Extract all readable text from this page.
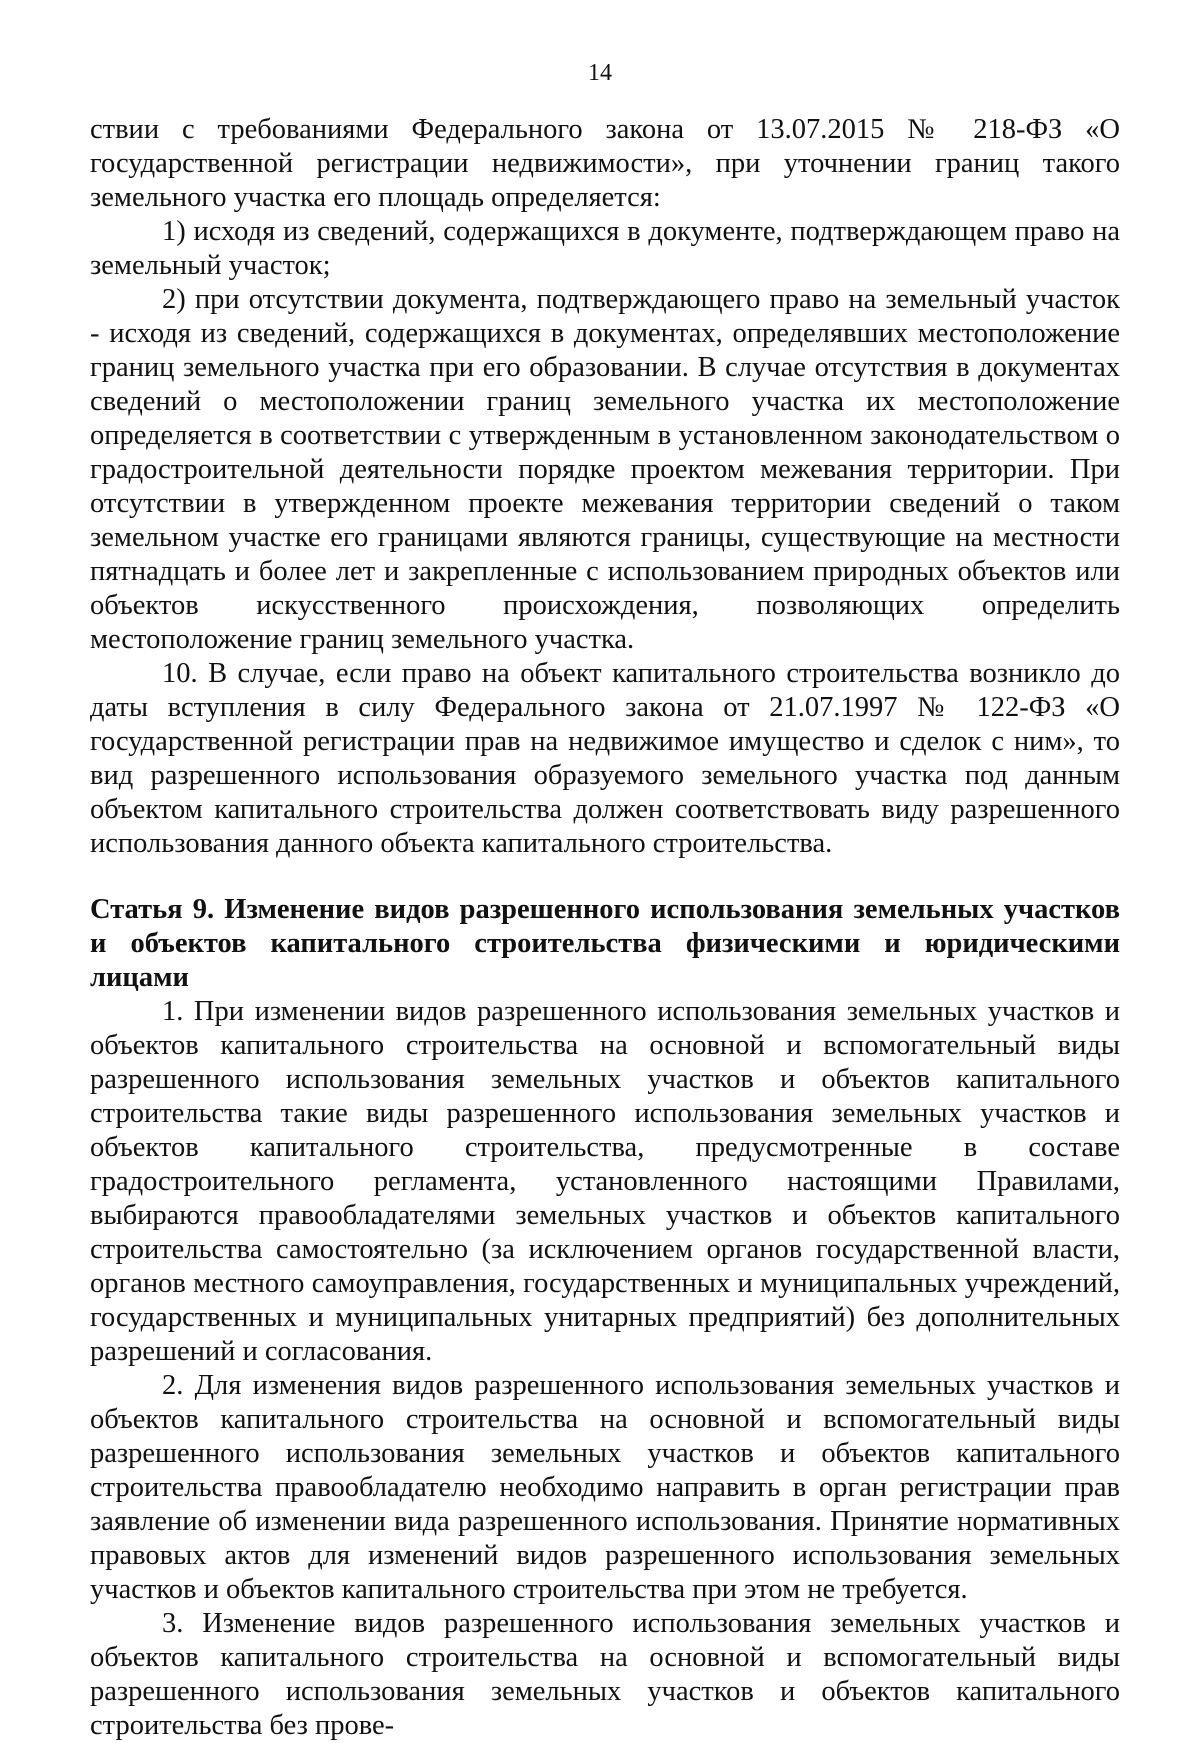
14

ствии с требованиями Федерального закона от 13.07.2015 № 218-ФЗ «О государственной регистрации недвижимости», при уточнении границ такого земельного участка его площадь определяется:

1) исходя из сведений, содержащихся в документе, подтверждающем право на земельный участок;

2) при отсутствии документа, подтверждающего право на земельный участок - исходя из сведений, содержащихся в документах, определявших местоположение границ земельного участка при его образовании. В случае отсутствия в документах сведений о местоположении границ земельного участка их местоположение определяется в соответствии с утвержденным в установленном законодательством о градостроительной деятельности порядке проектом межевания территории. При отсутствии в утвержденном проекте межевания территории сведений о таком земельном участке его границами являются границы, существующие на местности пятнадцать и более лет и закрепленные с использованием природных объектов или объектов искусственного происхождения, позволяющих определить местоположение границ земельного участка.

10. В случае, если право на объект капитального строительства возникло до даты вступления в силу Федерального закона от 21.07.1997 № 122-ФЗ «О государственной регистрации прав на недвижимое имущество и сделок с ним», то вид разрешенного использования образуемого земельного участка под данным объектом капитального строительства должен соответствовать виду разрешенного использования данного объекта капитального строительства.

Статья 9. Изменение видов разрешенного использования земельных участков и объектов капитального строительства физическими и юридическими лицами

1. При изменении видов разрешенного использования земельных участков и объектов капитального строительства на основной и вспомогательный виды разрешенного использования земельных участков и объектов капитального строительства такие виды разрешенного использования земельных участков и объектов капитального строительства, предусмотренные в составе градостроительного регламента, установленного настоящими Правилами, выбираются правообладателями земельных участков и объектов капитального строительства самостоятельно (за исключением органов государственной власти, органов местного самоуправления, государственных и муниципальных учреждений, государственных и муниципальных унитарных предприятий) без дополнительных разрешений и согласования.

2. Для изменения видов разрешенного использования земельных участков и объектов капитального строительства на основной и вспомогательный виды разрешенного использования земельных участков и объектов капитального строительства правообладателю необходимо направить в орган регистрации прав заявление об изменении вида разрешенного использования. Принятие нормативных правовых актов для изменений видов разрешенного использования земельных участков и объектов капитального строительства при этом не требуется.

3. Изменение видов разрешенного использования земельных участков и объектов капитального строительства на основной и вспомогательный виды разрешенного использования земельных участков и объектов капитального строительства без прове-
